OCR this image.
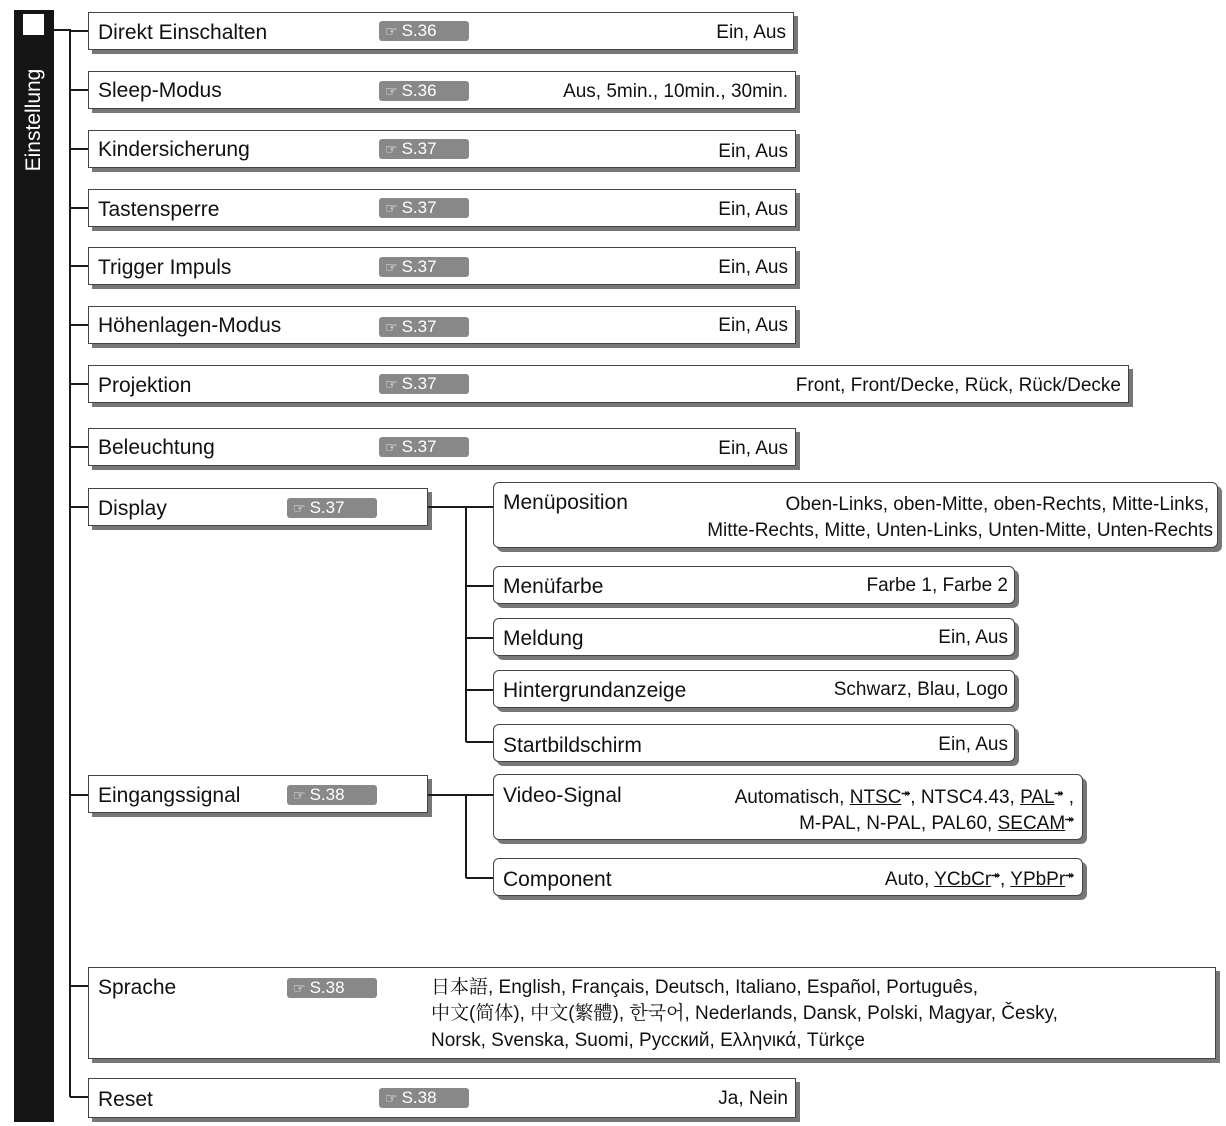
Einstellung
Direkt Einschalten	☞ S.36	Ein, Aus
Sleep-Modus	☞ S.36	Aus, 5min., 10min., 30min.
Kindersicherung	☞ S.37	Ein, Aus
Tastensperre	☞ S.37	Ein, Aus
Trigger Impuls	☞ S.37	Ein, Aus
Höhenlagen-Modus	☞ S.37	Ein, Aus
Projektion	☞ S.37	Front, Front/Decke, Rück, Rück/Decke
Beleuchtung	☞ S.37	Ein, Aus
Display	☞ S.37	Menüposition	Oben-Links, oben-Mitte, oben-Rechts, Mitte-Links,
Mitte-Rechts, Mitte, Unten-Links, Unten-Mitte, Unten-Rechts
Menüfarbe	Farbe 1, Farbe 2
Meldung	Ein, Aus
Hintergrundanzeige	Schwarz, Blau, Logo
Startbildschirm	Ein, Aus
Eingangssignal	☞ S.38	Video-Signal	Automatisch, NTSC⯮, NTSC4.43, PAL⯮ ,
M-PAL, N-PAL, PAL60, SECAM⯮
Component	Auto, YCbCr⯮, YPbPr⯮
Sprache	☞ S.38	日本語, English, Français, Deutsch, Italiano, Español, Português,
中文(简体), 中文(繁體), 한국어, Nederlands, Dansk, Polski, Magyar, Česky,
Norsk, Svenska, Suomi, Русский, Ελληνικά, Türkçe
Reset	☞ S.38	Ja, Nein
